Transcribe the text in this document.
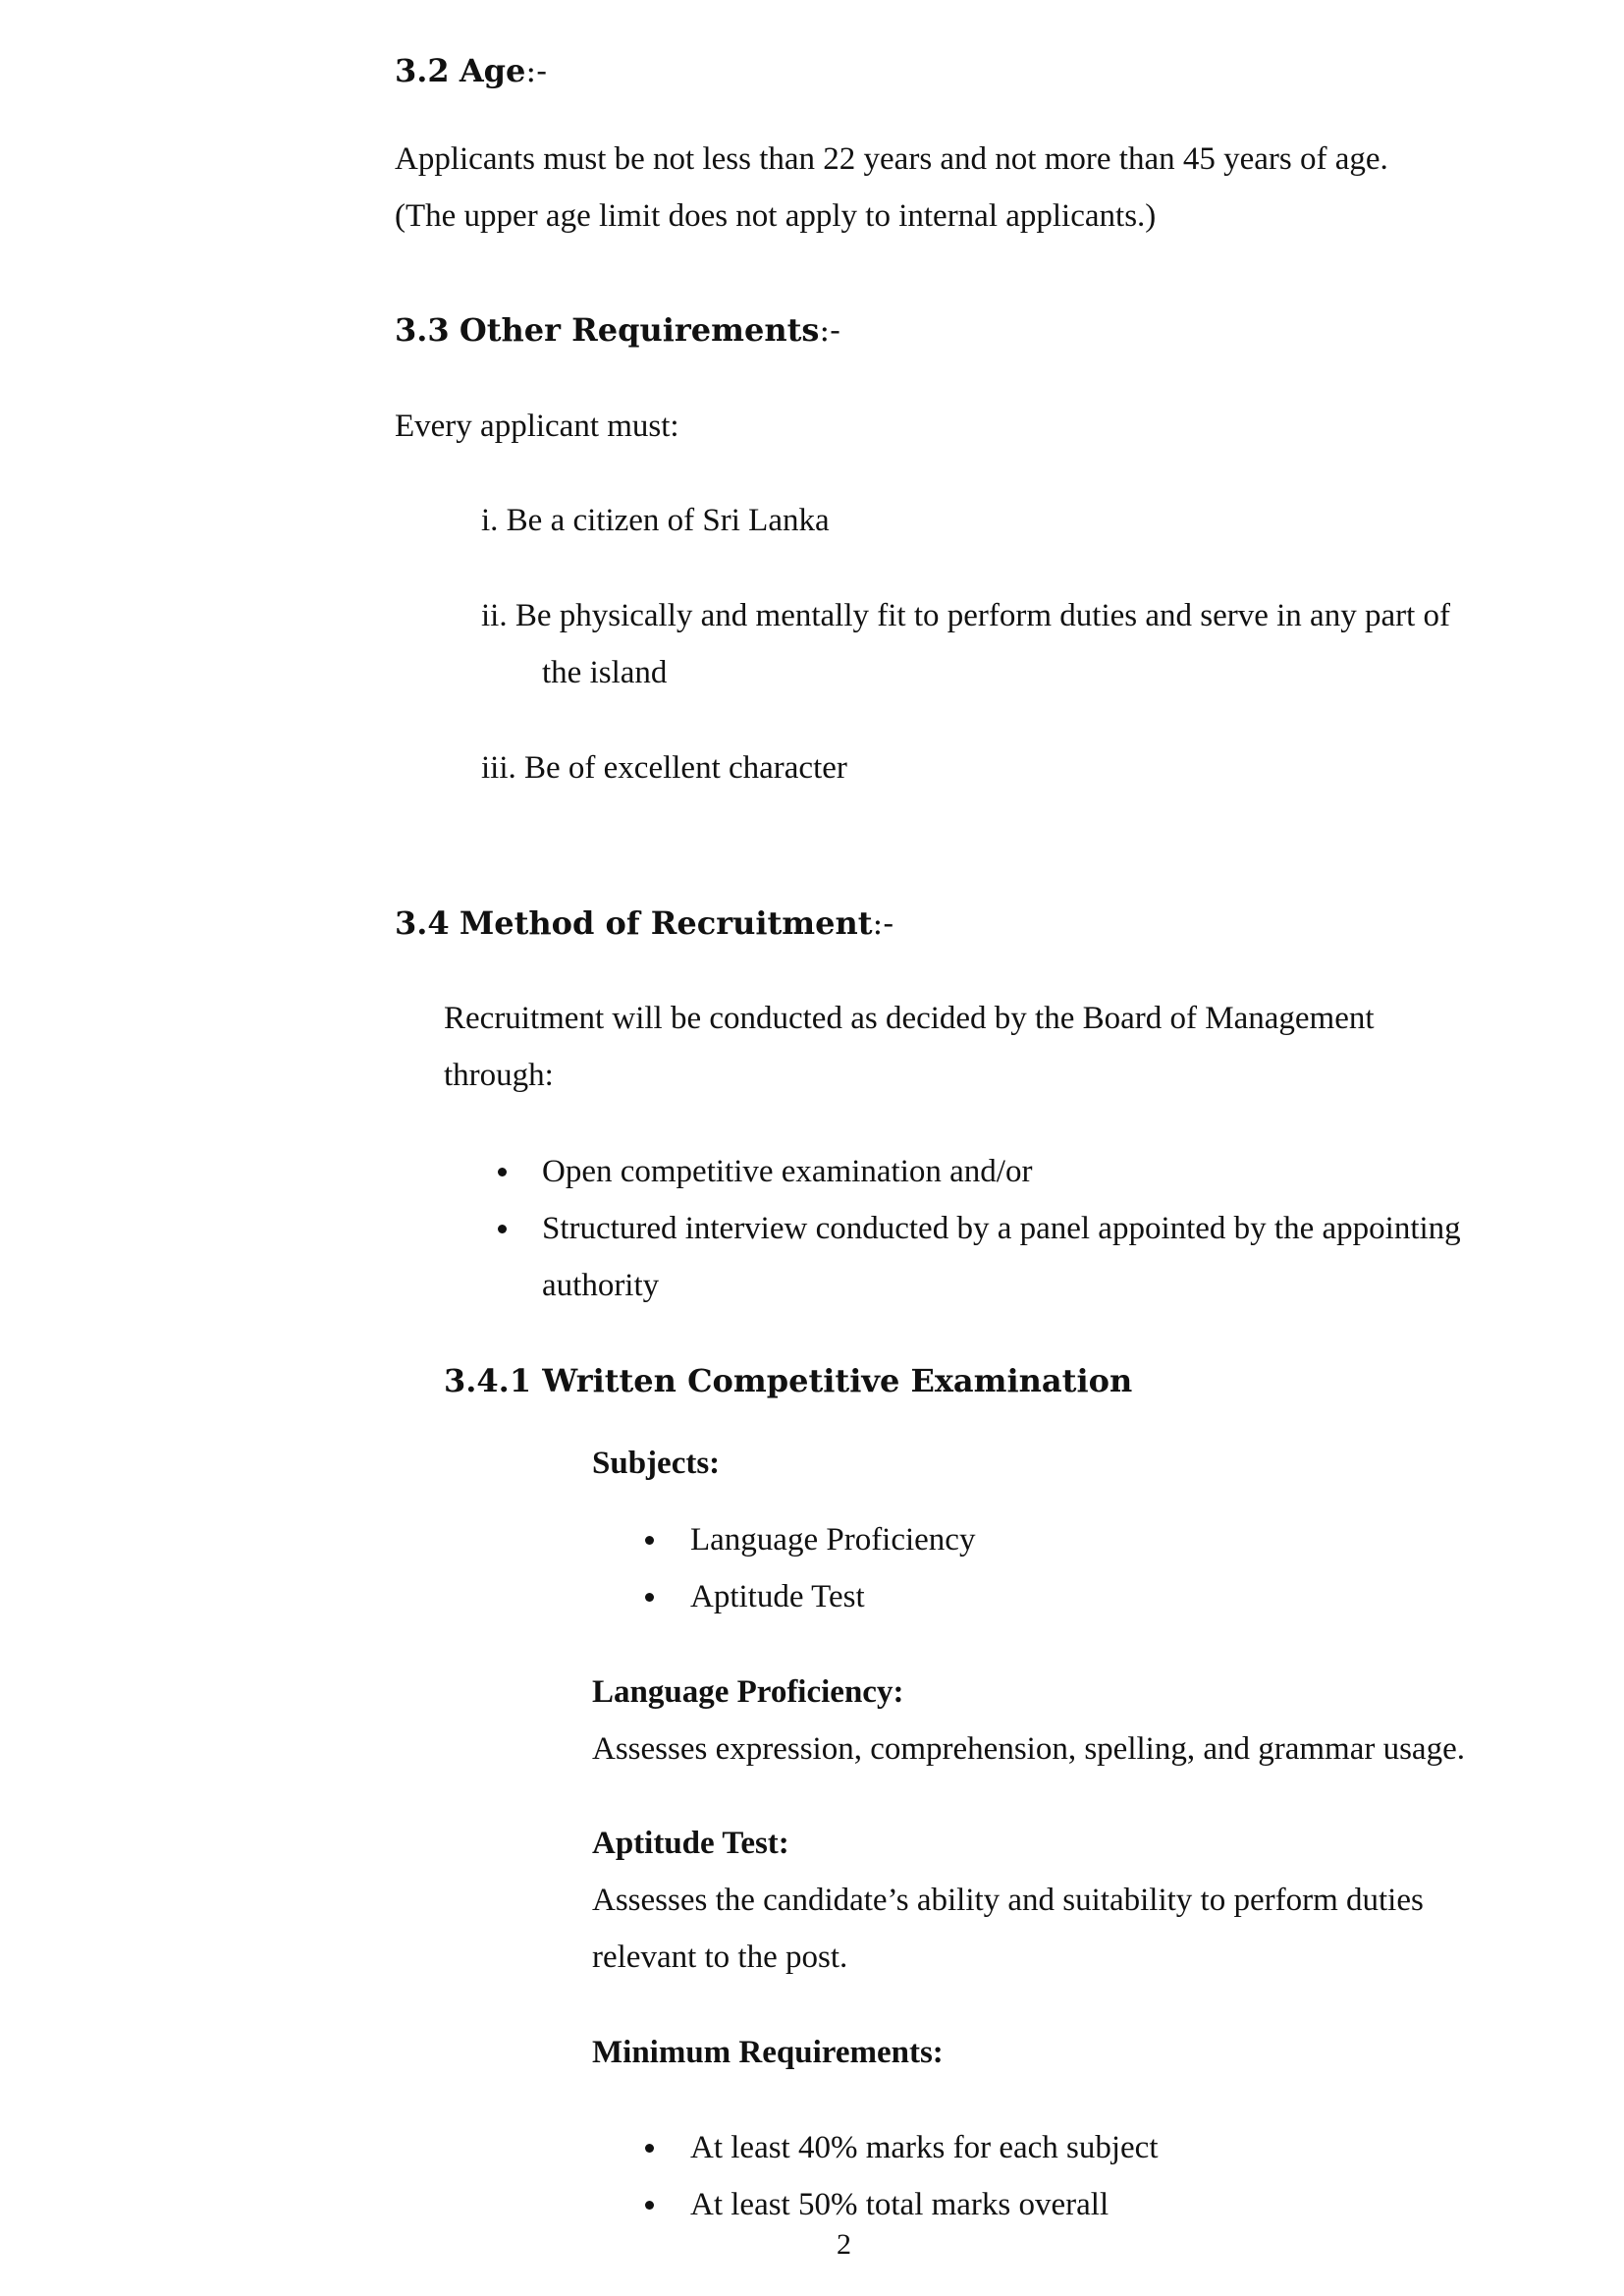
3.2 Age:-
Applicants must be not less than 22 years and not more than 45 years of age.
(The upper age limit does not apply to internal applicants.)
3.3 Other Requirements:-
Every applicant must:
i. Be a citizen of Sri Lanka
ii. Be physically and mentally fit to perform duties and serve in any part of
the island
iii. Be of excellent character
3.4 Method of Recruitment:-
Recruitment will be conducted as decided by the Board of Management
through:
Open competitive examination and/or
Structured interview conducted by a panel appointed by the appointing
authority
3.4.1 Written Competitive Examination
Subjects:
Language Proficiency
Aptitude Test
Language Proficiency:
Assesses expression, comprehension, spelling, and grammar usage.
Aptitude Test:
Assesses the candidate’s ability and suitability to perform duties
relevant to the post.
Minimum Requirements:
At least 40% marks for each subject
At least 50% total marks overall
2
